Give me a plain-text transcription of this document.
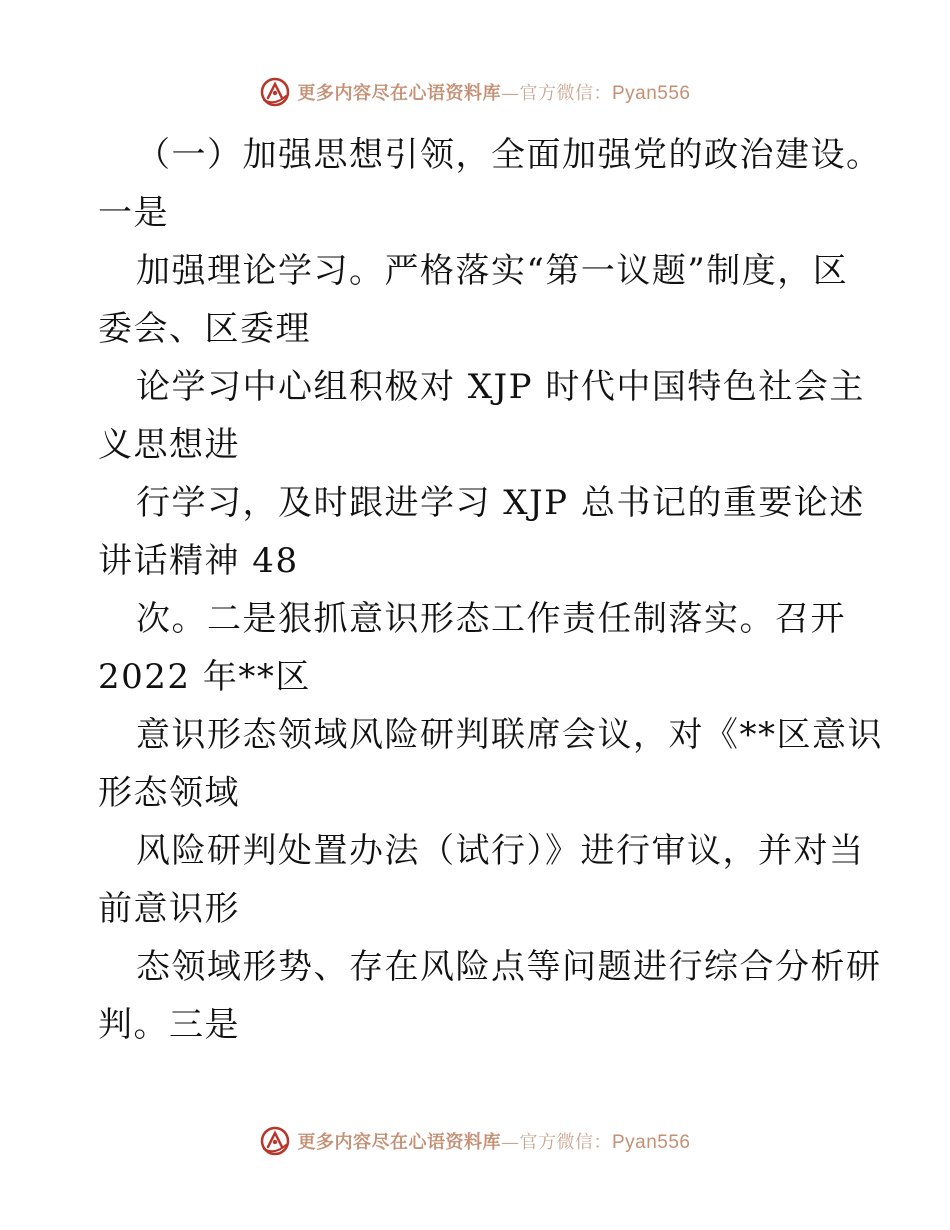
更多内容尽在心语资料库—官方微信：Pyan556
（一）加强思想引领，全面加强党的政治建设。
一是
加强理论学习。严格落实“第一议题”制度，区
委会、区委理
论学习中心组积极对 XJP 时代中国特色社会主
义思想进
行学习，及时跟进学习 XJP 总书记的重要论述
讲话精神 48
次。二是狠抓意识形态工作责任制落实。召开
2022 年**区
意识形态领域风险研判联席会议，对《**区意识
形态领域
风险研判处置办法（试行）》进行审议，并对当
前意识形
态领域形势、存在风险点等问题进行综合分析研
判。三是
更多内容尽在心语资料库—官方微信：Pyan556
